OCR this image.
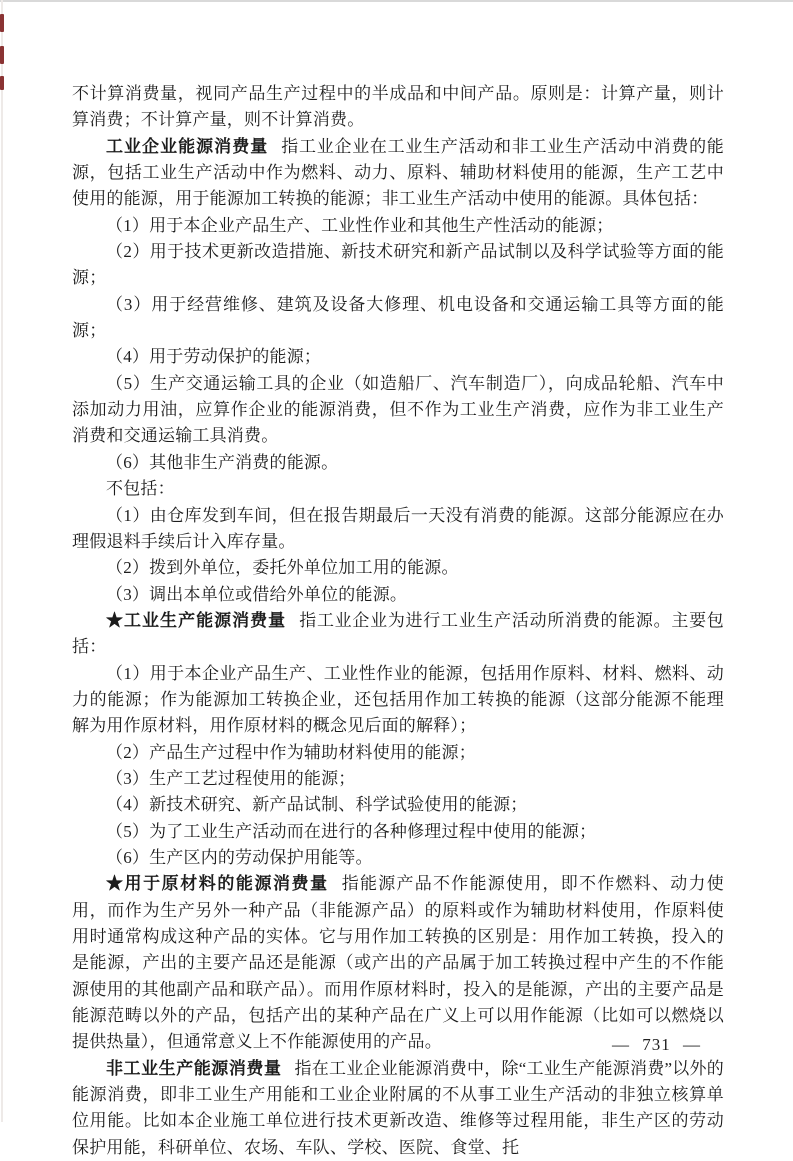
不计算消费量，视同产品生产过程中的半成品和中间产品。原则是：计算产量，则计算消费；不计算产量，则不计算消费。

工业企业能源消费量 指工业企业在工业生产活动和非工业生产活动中消费的能源，包括工业生产活动中作为燃料、动力、原料、辅助材料使用的能源，生产工艺中使用的能源，用于能源加工转换的能源；非工业生产活动中使用的能源。具体包括：

（1）用于本企业产品生产、工业性作业和其他生产性活动的能源；

（2）用于技术更新改造措施、新技术研究和新产品试制以及科学试验等方面的能源；

（3）用于经营维修、建筑及设备大修理、机电设备和交通运输工具等方面的能源；

（4）用于劳动保护的能源；

（5）生产交通运输工具的企业（如造船厂、汽车制造厂），向成品轮船、汽车中添加动力用油，应算作企业的能源消费，但不作为工业生产消费，应作为非工业生产消费和交通运输工具消费。

（6）其他非生产消费的能源。

不包括：

（1）由仓库发到车间，但在报告期最后一天没有消费的能源。这部分能源应在办理假退料手续后计入库存量。

（2）拨到外单位，委托外单位加工用的能源。

（3）调出本单位或借给外单位的能源。

★工业生产能源消费量 指工业企业为进行工业生产活动所消费的能源。主要包括：

（1）用于本企业产品生产、工业性作业的能源，包括用作原料、材料、燃料、动力的能源；作为能源加工转换企业，还包括用作加工转换的能源（这部分能源不能理解为用作原材料，用作原材料的概念见后面的解释）；

（2）产品生产过程中作为辅助材料使用的能源；

（3）生产工艺过程使用的能源；

（4）新技术研究、新产品试制、科学试验使用的能源；

（5）为了工业生产活动而在进行的各种修理过程中使用的能源；

（6）生产区内的劳动保护用能等。

★用于原材料的能源消费量 指能源产品不作能源使用，即不作燃料、动力使用，而作为生产另外一种产品（非能源产品）的原料或作为辅助材料使用，作原料使用时通常构成这种产品的实体。它与用作加工转换的区别是：用作加工转换，投入的是能源，产出的主要产品还是能源（或产出的产品属于加工转换过程中产生的不作能源使用的其他副产品和联产品）。而用作原材料时，投入的是能源，产出的主要产品是能源范畴以外的产品，包括产出的某种产品在广义上可以用作能源（比如可以燃烧以提供热量），但通常意义上不作能源使用的产品。

非工业生产能源消费量 指在工业企业能源消费中，除“工业生产能源消费”以外的能源消费，即非工业生产用能和工业企业附属的不从事工业生产活动的非独立核算单位用能。比如本企业施工单位进行技术更新改造、维修等过程用能，非生产区的劳动保护用能，科研单位、农场、车队、学校、医院、食堂、托

— 731 —
